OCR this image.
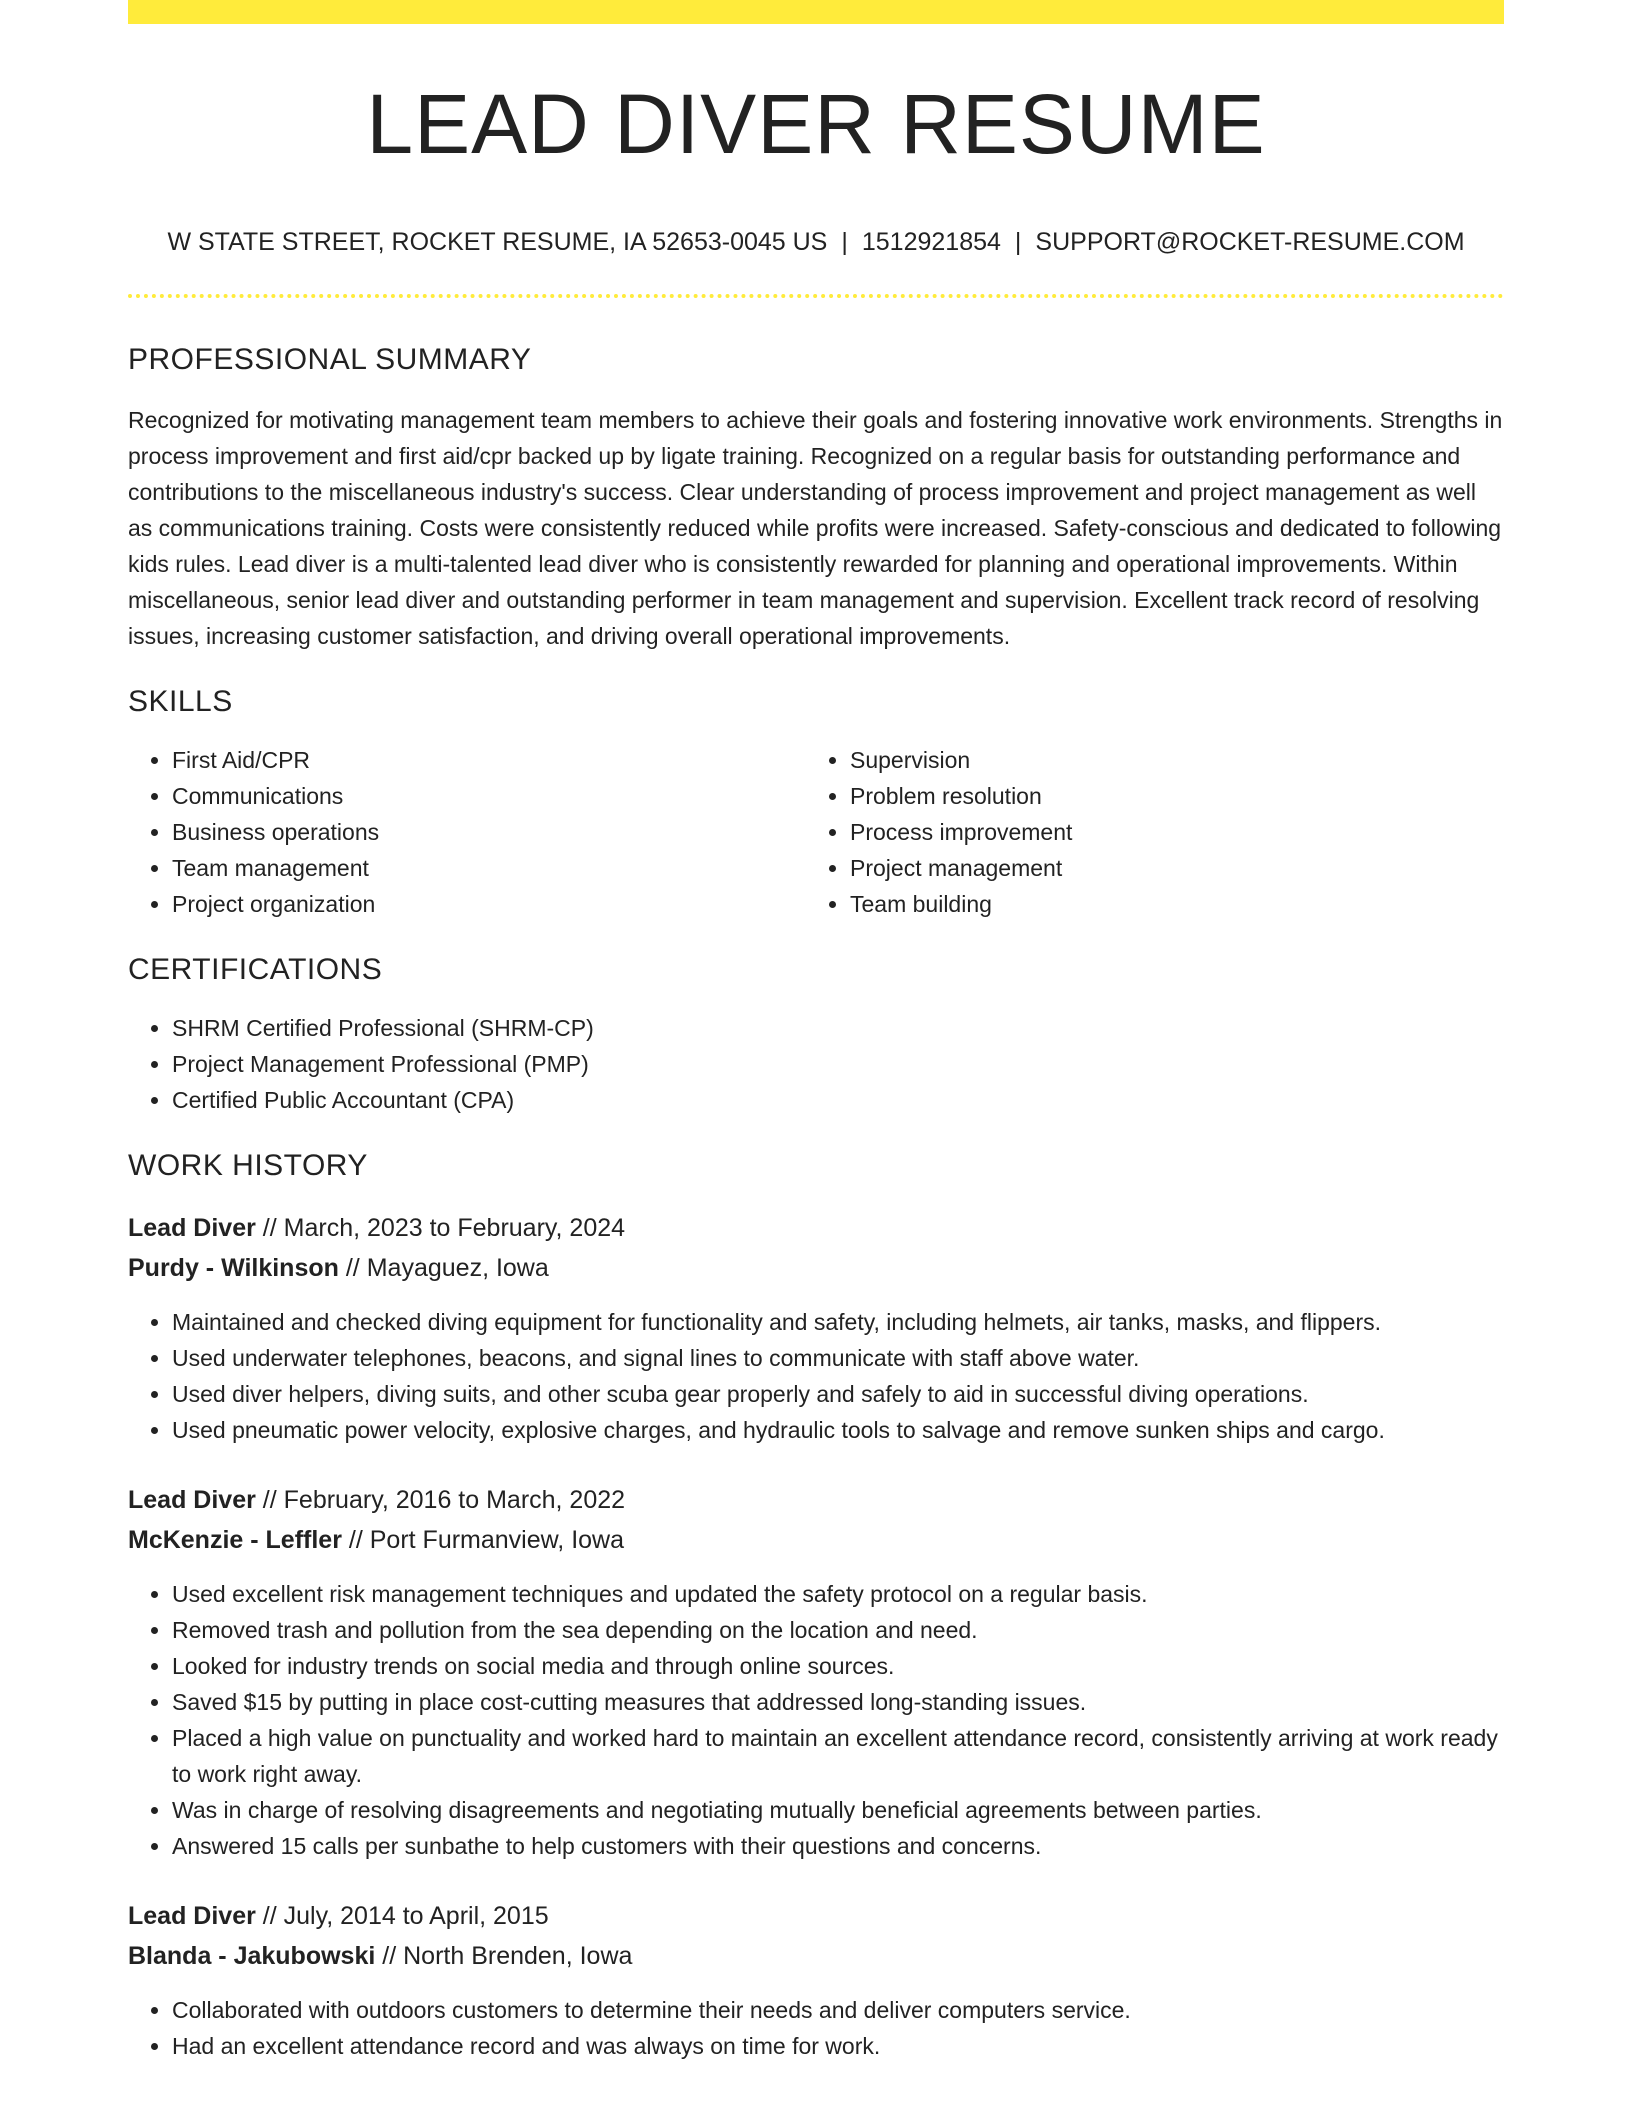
LEAD DIVER RESUME
W STATE STREET, ROCKET RESUME, IA 52653-0045 US | 1512921854 | SUPPORT@ROCKET-RESUME.COM
PROFESSIONAL SUMMARY
Recognized for motivating management team members to achieve their goals and fostering innovative work environments. Strengths in process improvement and first aid/cpr backed up by ligate training. Recognized on a regular basis for outstanding performance and contributions to the miscellaneous industry's success. Clear understanding of process improvement and project management as well as communications training. Costs were consistently reduced while profits were increased. Safety-conscious and dedicated to following kids rules. Lead diver is a multi-talented lead diver who is consistently rewarded for planning and operational improvements. Within miscellaneous, senior lead diver and outstanding performer in team management and supervision. Excellent track record of resolving issues, increasing customer satisfaction, and driving overall operational improvements.
SKILLS
• First Aid/CPR
• Communications
• Business operations
• Team management
• Project organization
• Supervision
• Problem resolution
• Process improvement
• Project management
• Team building
CERTIFICATIONS
• SHRM Certified Professional (SHRM-CP)
• Project Management Professional (PMP)
• Certified Public Accountant (CPA)
WORK HISTORY
Lead Diver // March, 2023 to February, 2024
Purdy - Wilkinson // Mayaguez, Iowa
• Maintained and checked diving equipment for functionality and safety, including helmets, air tanks, masks, and flippers.
• Used underwater telephones, beacons, and signal lines to communicate with staff above water.
• Used diver helpers, diving suits, and other scuba gear properly and safely to aid in successful diving operations.
• Used pneumatic power velocity, explosive charges, and hydraulic tools to salvage and remove sunken ships and cargo.
Lead Diver // February, 2016 to March, 2022
McKenzie - Leffler // Port Furmanview, Iowa
• Used excellent risk management techniques and updated the safety protocol on a regular basis.
• Removed trash and pollution from the sea depending on the location and need.
• Looked for industry trends on social media and through online sources.
• Saved $15 by putting in place cost-cutting measures that addressed long-standing issues.
• Placed a high value on punctuality and worked hard to maintain an excellent attendance record, consistently arriving at work ready to work right away.
• Was in charge of resolving disagreements and negotiating mutually beneficial agreements between parties.
• Answered 15 calls per sunbathe to help customers with their questions and concerns.
Lead Diver // July, 2014 to April, 2015
Blanda - Jakubowski // North Brenden, Iowa
• Collaborated with outdoors customers to determine their needs and deliver computers service.
• Had an excellent attendance record and was always on time for work.
